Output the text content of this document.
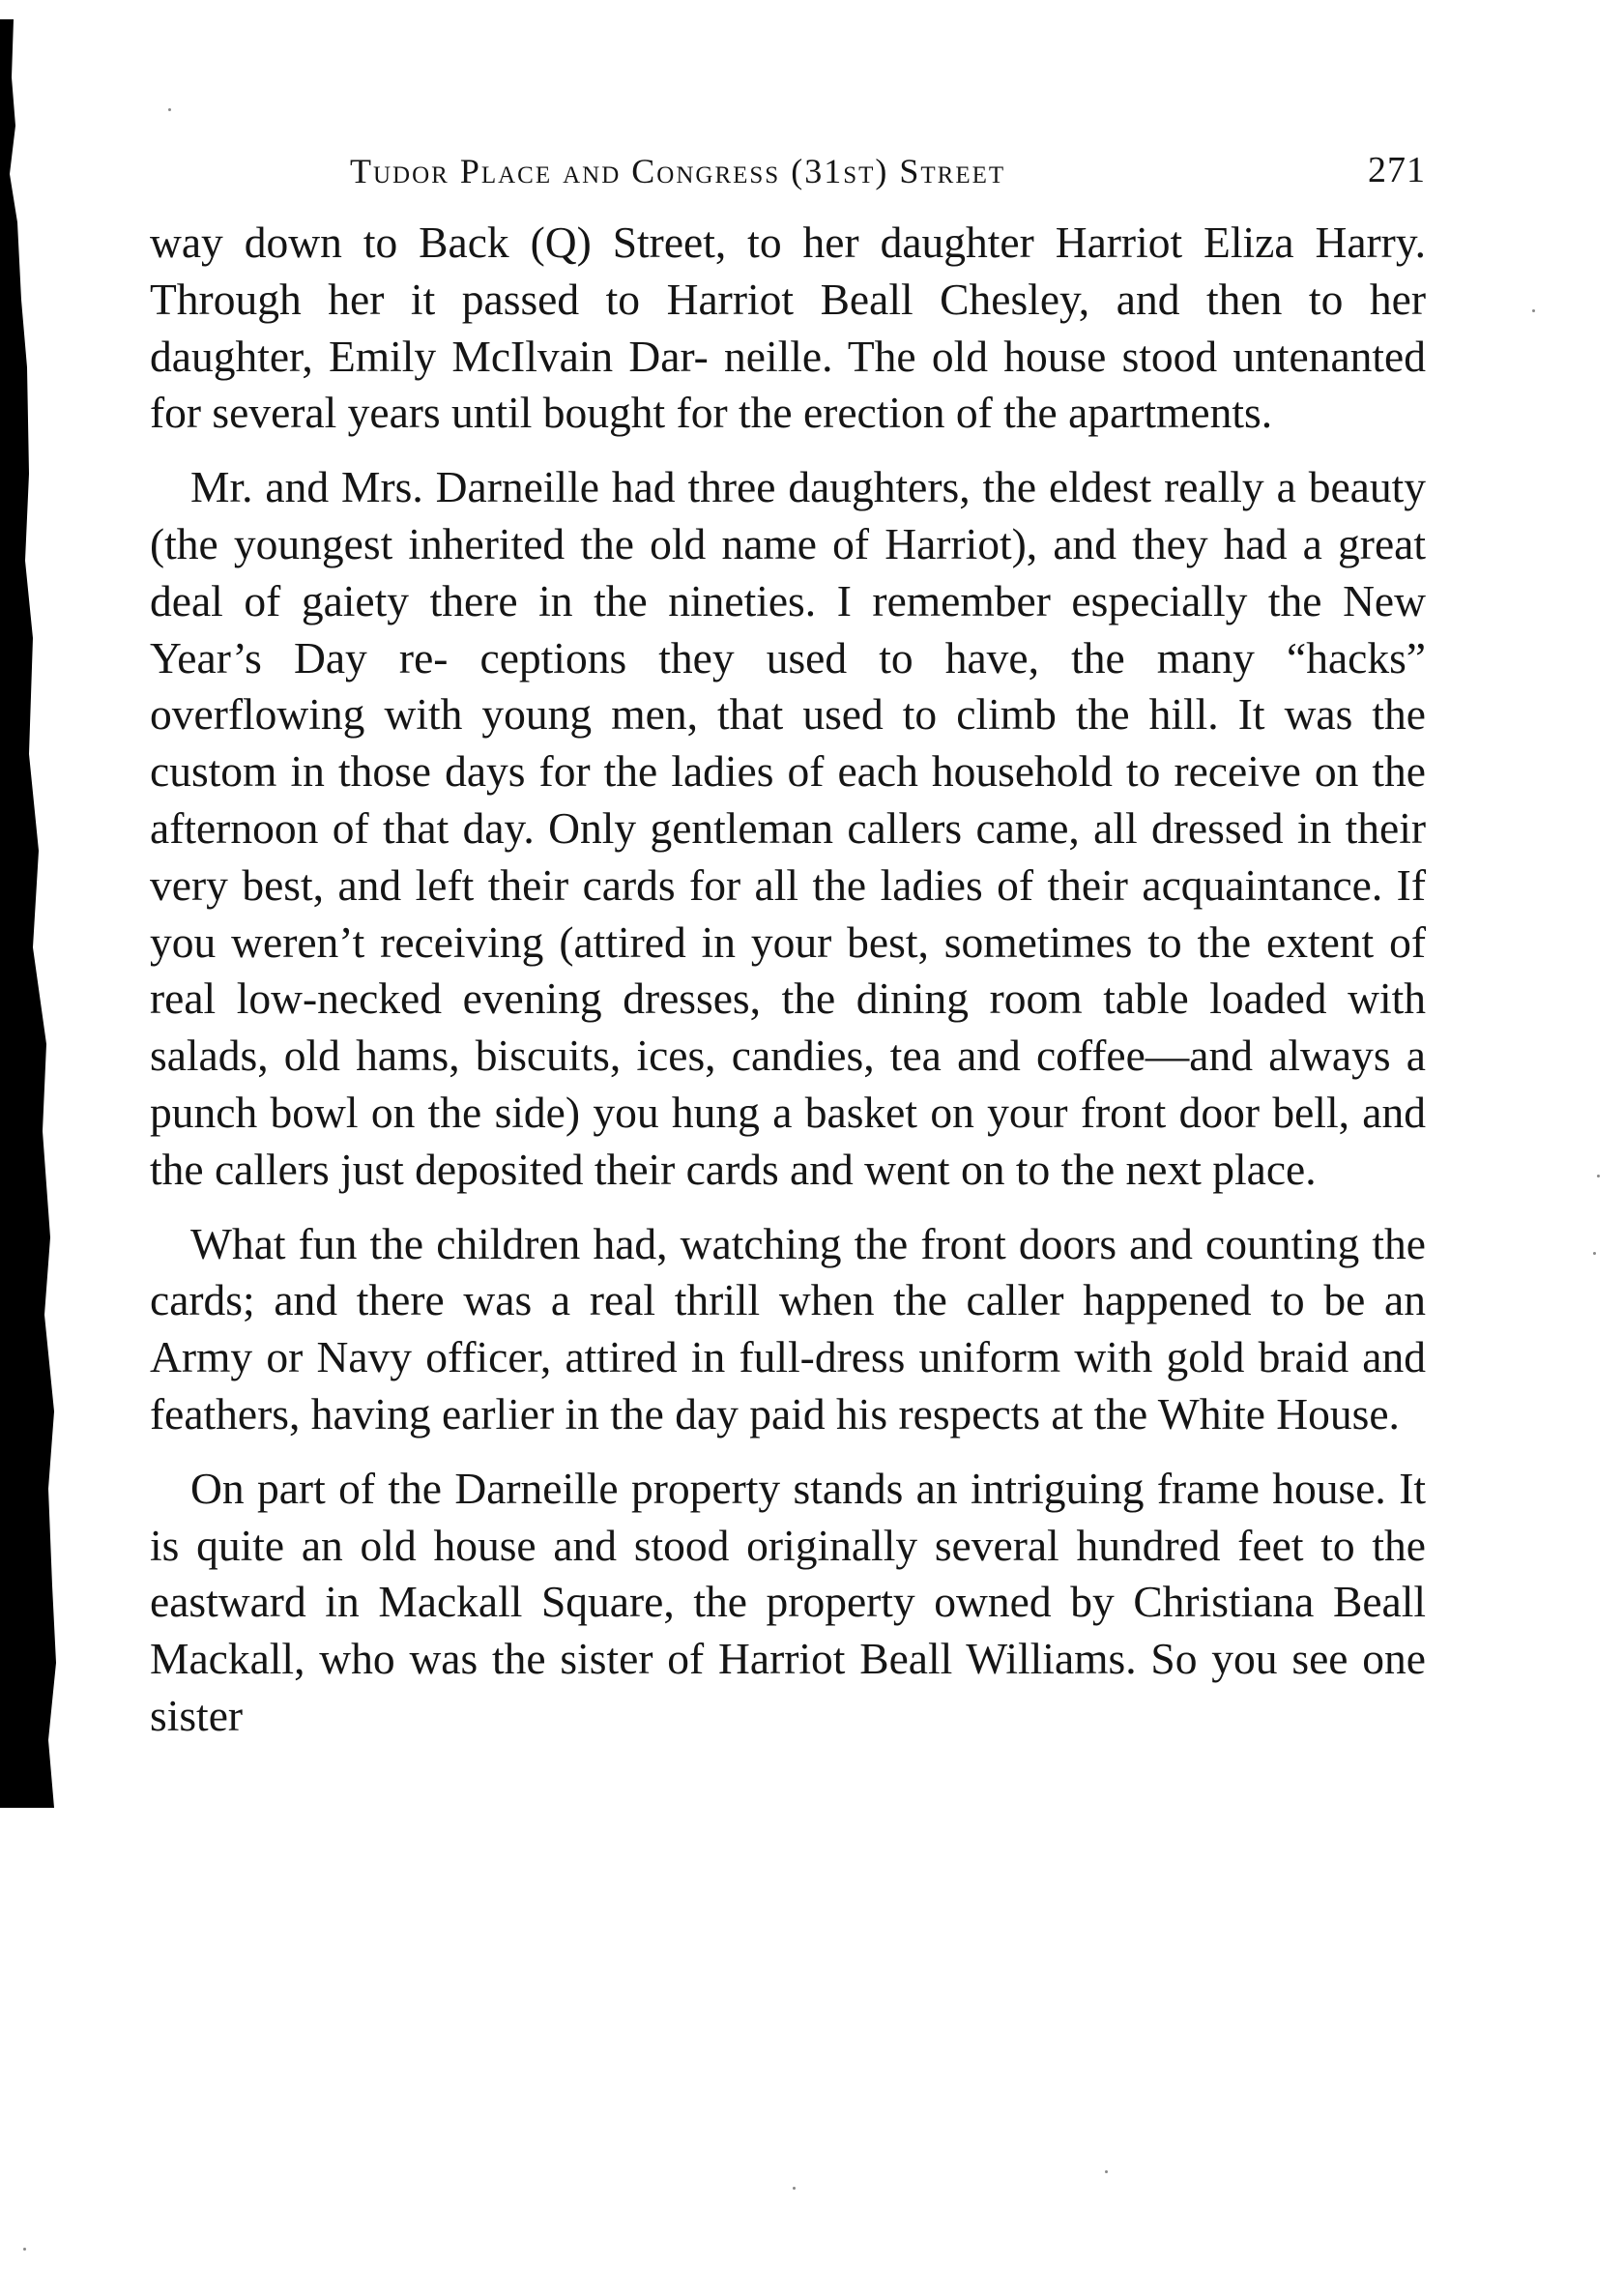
Tudor Place and Congress (31st) Street	271

way down to Back (Q) Street, to her daughter Harriot Eliza Harry. Through her it passed to Harriot Beall Chesley, and then to her daughter, Emily McIlvain Dar- neille. The old house stood untenanted for several years until bought for the erection of the apartments.

Mr. and Mrs. Darneille had three daughters, the eldest really a beauty (the youngest inherited the old name of Harriot), and they had a great deal of gaiety there in the nineties. I remember especially the New Year’s Day re- ceptions they used to have, the many “hacks” overflowing with young men, that used to climb the hill. It was the custom in those days for the ladies of each household to receive on the afternoon of that day. Only gentleman callers came, all dressed in their very best, and left their cards for all the ladies of their acquaintance. If you weren’t receiving (attired in your best, sometimes to the extent of real low-necked evening dresses, the dining room table loaded with salads, old hams, biscuits, ices, candies, tea and coffee—and always a punch bowl on the side) you hung a basket on your front door bell, and the callers just deposited their cards and went on to the next place.

What fun the children had, watching the front doors and counting the cards; and there was a real thrill when the caller happened to be an Army or Navy officer, attired in full-dress uniform with gold braid and feathers, having earlier in the day paid his respects at the White House.

On part of the Darneille property stands an intriguing frame house. It is quite an old house and stood originally several hundred feet to the eastward in Mackall Square, the property owned by Christiana Beall Mackall, who was the sister of Harriot Beall Williams. So you see one sister
